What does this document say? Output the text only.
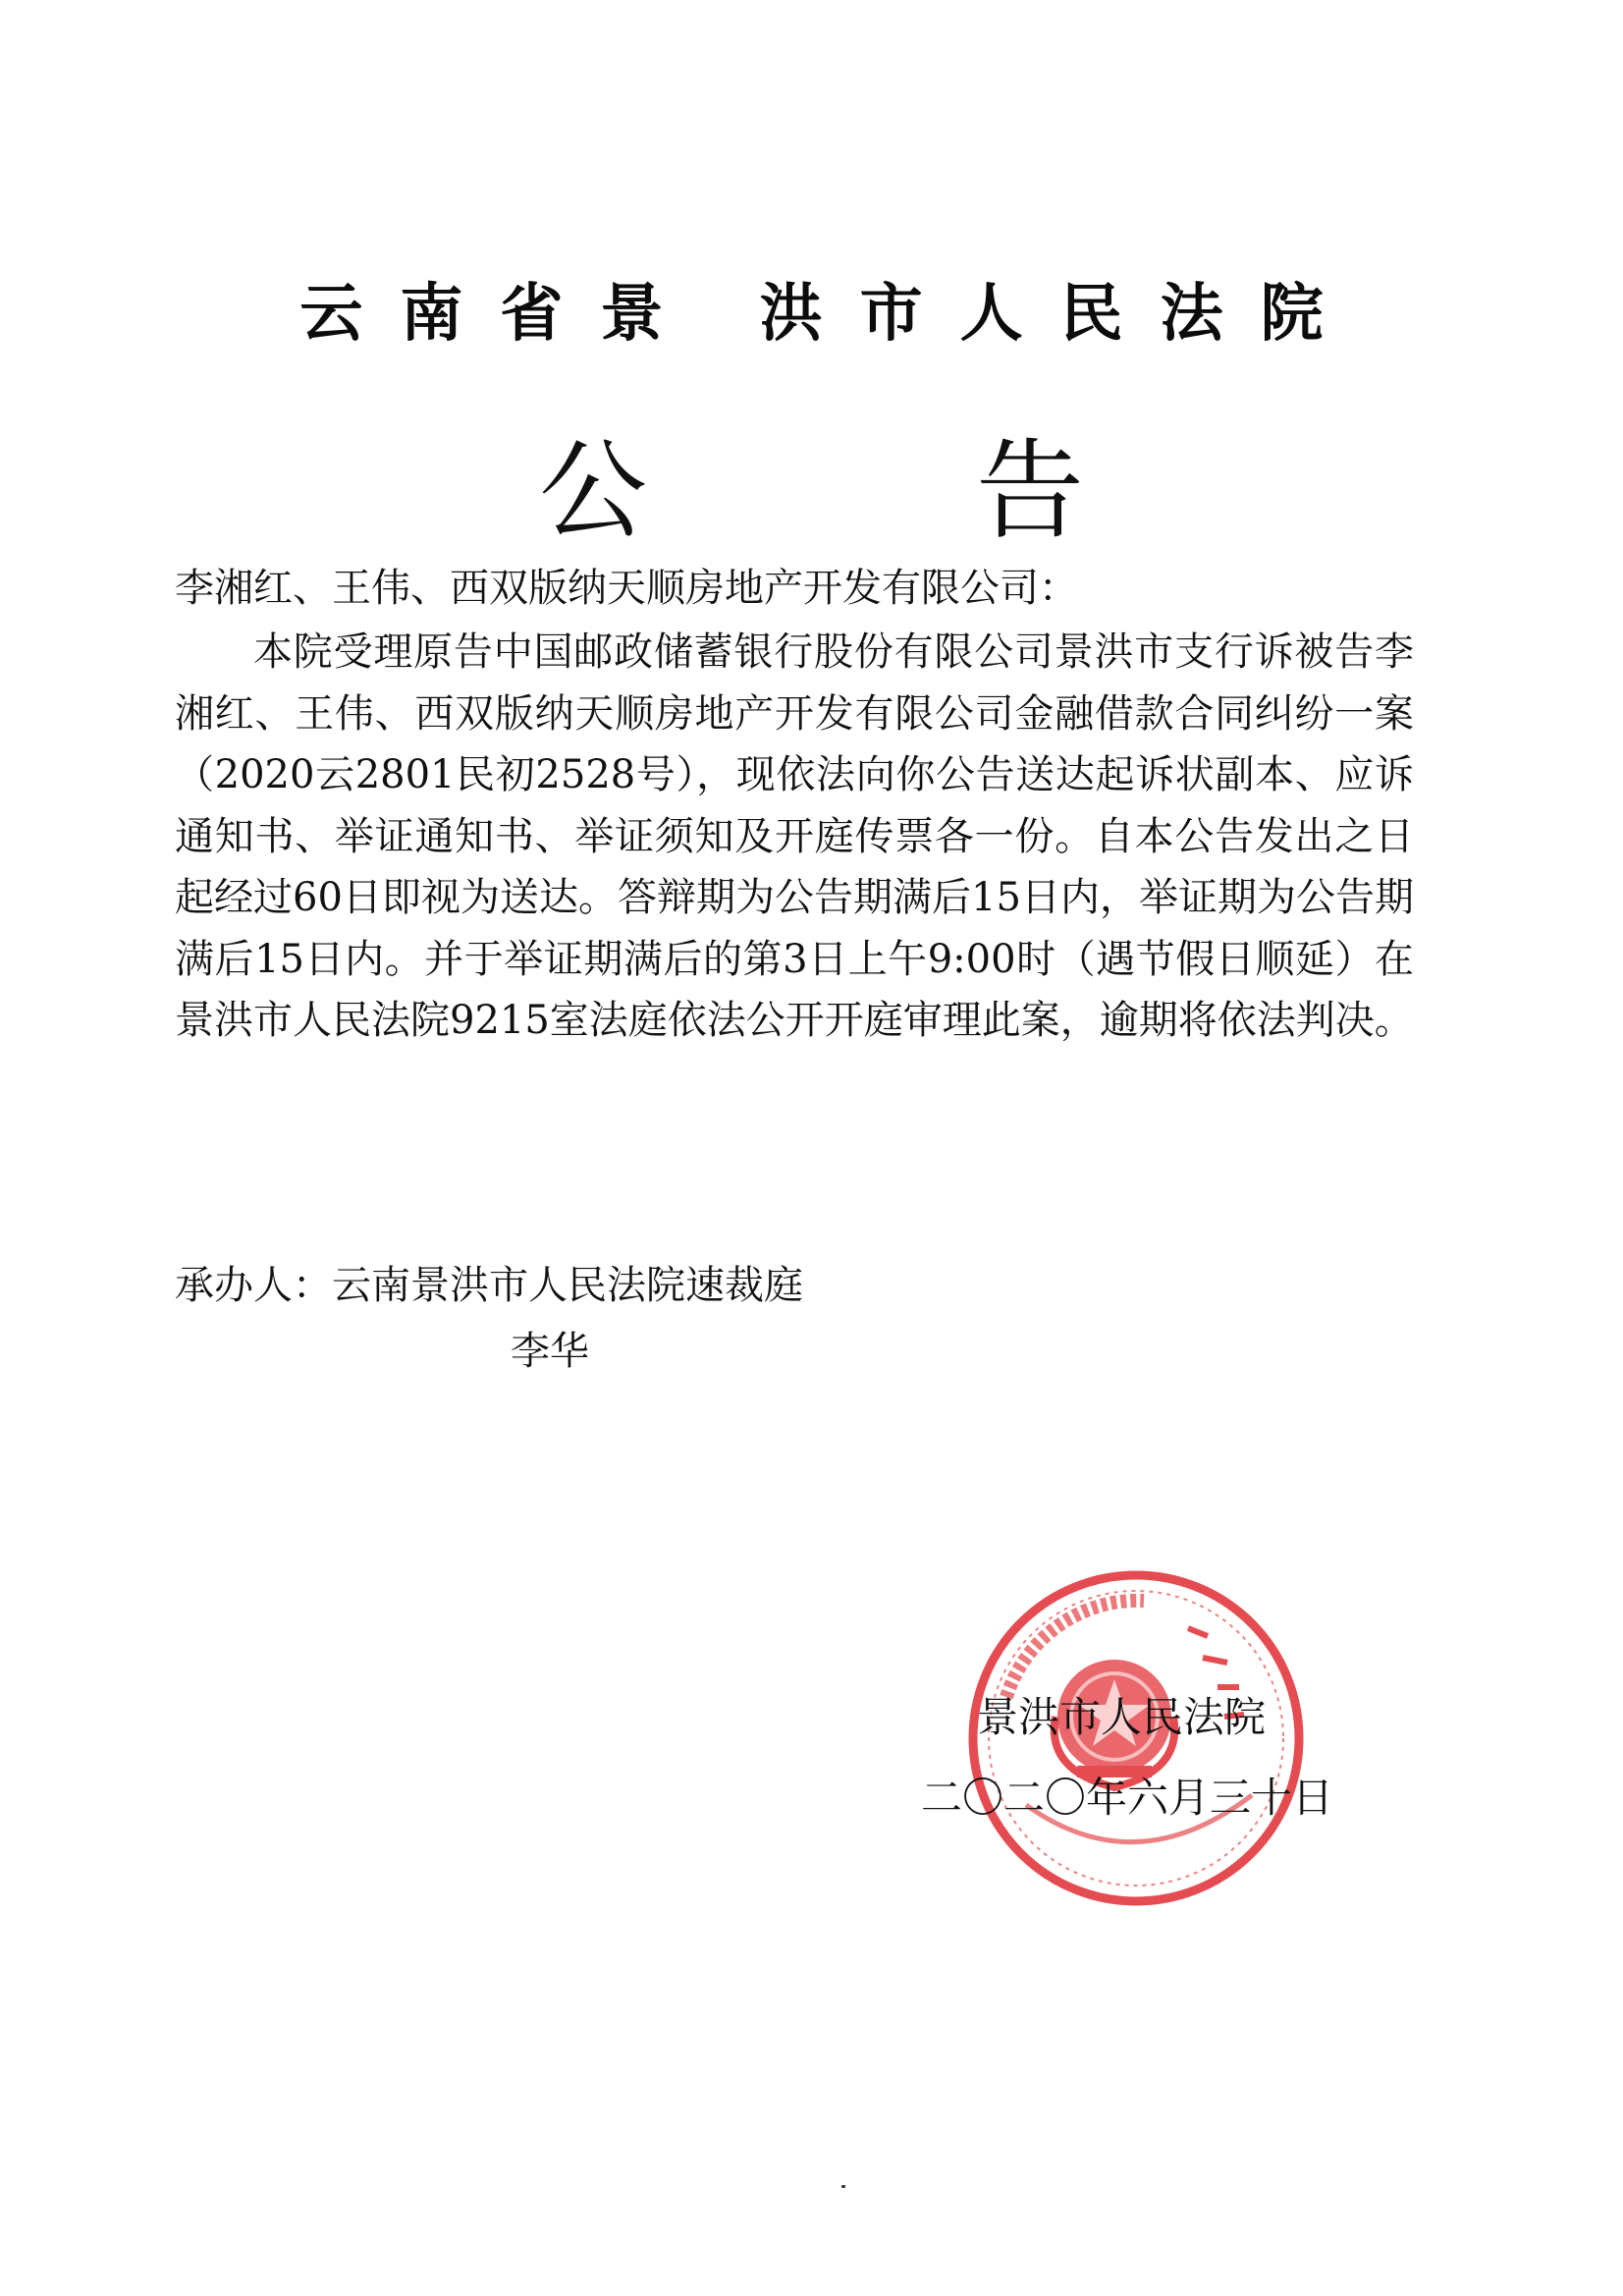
云南省景 洪市人民法院
公 告
李湘红、王伟、西双版纳天顺房地产开发有限公司：
本院受理原告中国邮政储蓄银行股份有限公司景洪市支行诉被告李湘红、王伟、西双版纳天顺房地产开发有限公司金融借款合同纠纷一案（2020云2801民初2528号），现依法向你公告送达起诉状副本、应诉通知书、举证通知书、举证须知及开庭传票各一份。自本公告发出之日起经过60日即视为送达。答辩期为公告期满后15日内，举证期为公告期满后15日内。并于举证期满后的第3日上午9:00时（遇节假日顺延）在景洪市人民法院9215室法庭依法公开开庭审理此案，逾期将依法判决。
承办人：云南景洪市人民法院速裁庭
李华
景洪市人民法院
二〇二〇年六月三十日
